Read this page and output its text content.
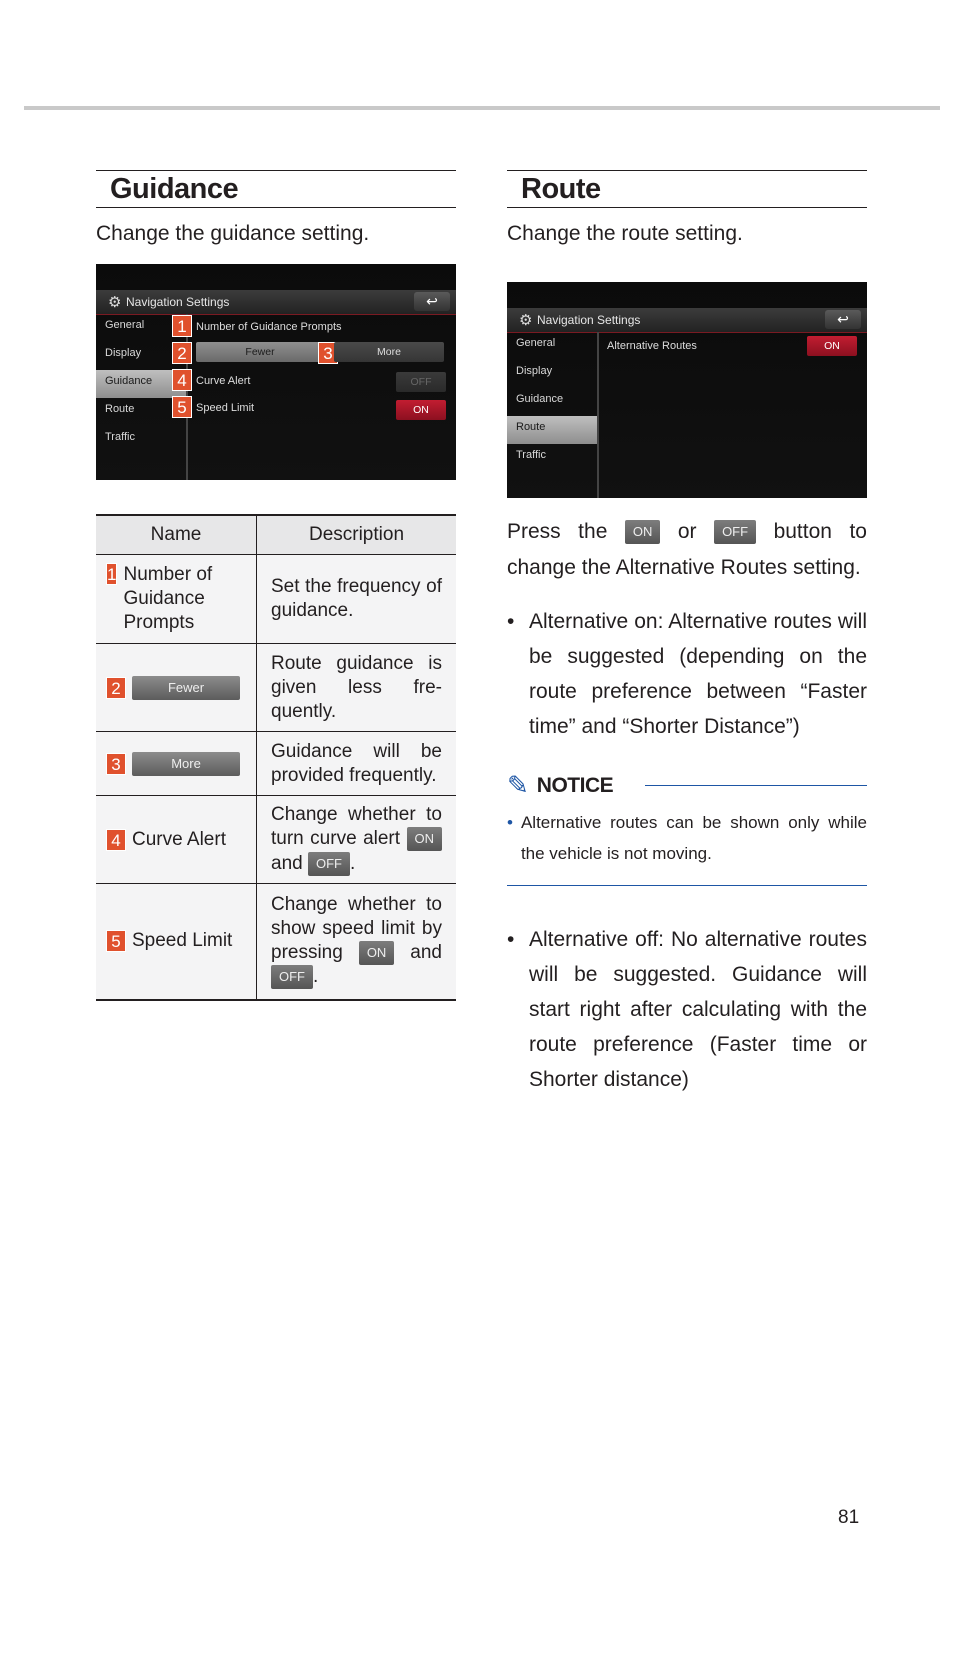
Guidance

Change the guidance setting.

⚙ Navigation Settings	↩
General
Display
Guidance
Route
Traffic
1 Number of Guidance Prompts
2	Fewer	3	More
4 Curve Alert	OFF
5 Speed Limit	ON
Name	Description

1 Number of Guidance Prompts	Set the frequency of guidance.

2 Fewer	Route guidance is given less fre-quently.

3 More	Guidance will be provided frequently.

4 Curve Alert	Change whether to turn curve alert ON and OFF .

5 Speed Limit	Change whether to show speed limit by pressing ON and OFF .
Route

Change the route setting.

⚙ Navigation Settings	↩
General
Display
Guidance
Route
Traffic
Alternative Routes	ON
Press the ON or OFF button to change the Alternative Routes setting.
• Alternative on: Alternative routes will be suggested (depending on the route preference between “Faster time” and “Shorter Distance”)
✎ NOTICE
• Alternative routes can be shown only while the vehicle is not moving.
• Alternative off: No alternative routes will be suggested. Guidance will start right after calculating with the route preference (Faster time or Shorter distance)
81
